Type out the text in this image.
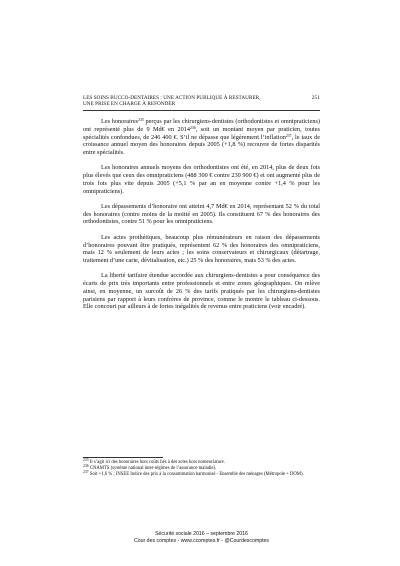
LES SOINS BUCCO-DENTAIRES : UNE ACTION PUBLIQUE À RESTAURER,
UNE PRISE EN CHARGE À REFONDER
251

Les honoraires$^{235}$ perçus par les chirurgiens-dentistes (orthodontistes et omnipraticiens) ont représenté plus de 9 Md€ en 2014$^{236}$, soit un montant moyen par praticien, toutes spécialités confondues, de 246 400 €. S’il ne dépasse que légèrement l’inflation$^{237}$, le taux de croissance annuel moyen des honoraires depuis 2005 (+1,8 %) recouvre de fortes disparités entre spécialités.

Les honoraires annuels moyens des orthodontistes ont été, en 2014, plus de deux fois plus élevés que ceux des omnipraticiens (488 300 € contre 230 900 €) et ont augmenté plus de trois fois plus vite depuis 2005 (+5,1 % par an en moyenne contre +1,4 % pour les omnipraticiens).

Les dépassements d’honoraire ont atteint 4,7 Md€ en 2014, représentant 52 % du total des honoraires (contre moins de la moitié en 2005). Ils constituent 67 % des honoraires des orthodontistes, contre 51 % pour les omnipraticiens.

Les actes prothétiques, beaucoup plus rémunérateurs en raison des dépassements d’honoraires pouvant être pratiqués, représentent 62 % des honoraires des omnipraticiens, mais 12 % seulement de leurs actes ; les soins conservateurs et chirurgicaux (détartrage, traitement d’une carie, dévitalisation, etc.) 25 % des honoraires, mais 53 % des actes.

La liberté tarifaire étendue accordée aux chirurgiens-dentistes a pour conséquence des écarts de prix très importants entre professionnels et entre zones géographiques. On relève ainsi, en moyenne, un surcoût de 26 % des tarifs pratiqués par les chirurgiens-dentistes parisiens par rapport à leurs confrères de province, comme le montre le tableau ci-dessous. Elle concourt par ailleurs à de fortes inégalités de revenus entre praticiens (voir encadré).

$^{235}$ Il s’agit ici des honoraires hors coûts liés à des actes hors nomenclature.

$^{236}$ CNAMTS (système national inter-régimes de l’assurance maladie).

$^{237}$ Soit +1,6 % ; INSEE Indice des prix à la consommation harmonisé - Ensemble des ménages (Métropole + DOM).

Sécurité sociale 2016 – septembre 2016
Cour des comptes - www.ccomptes.fr - @Courdescomptes
